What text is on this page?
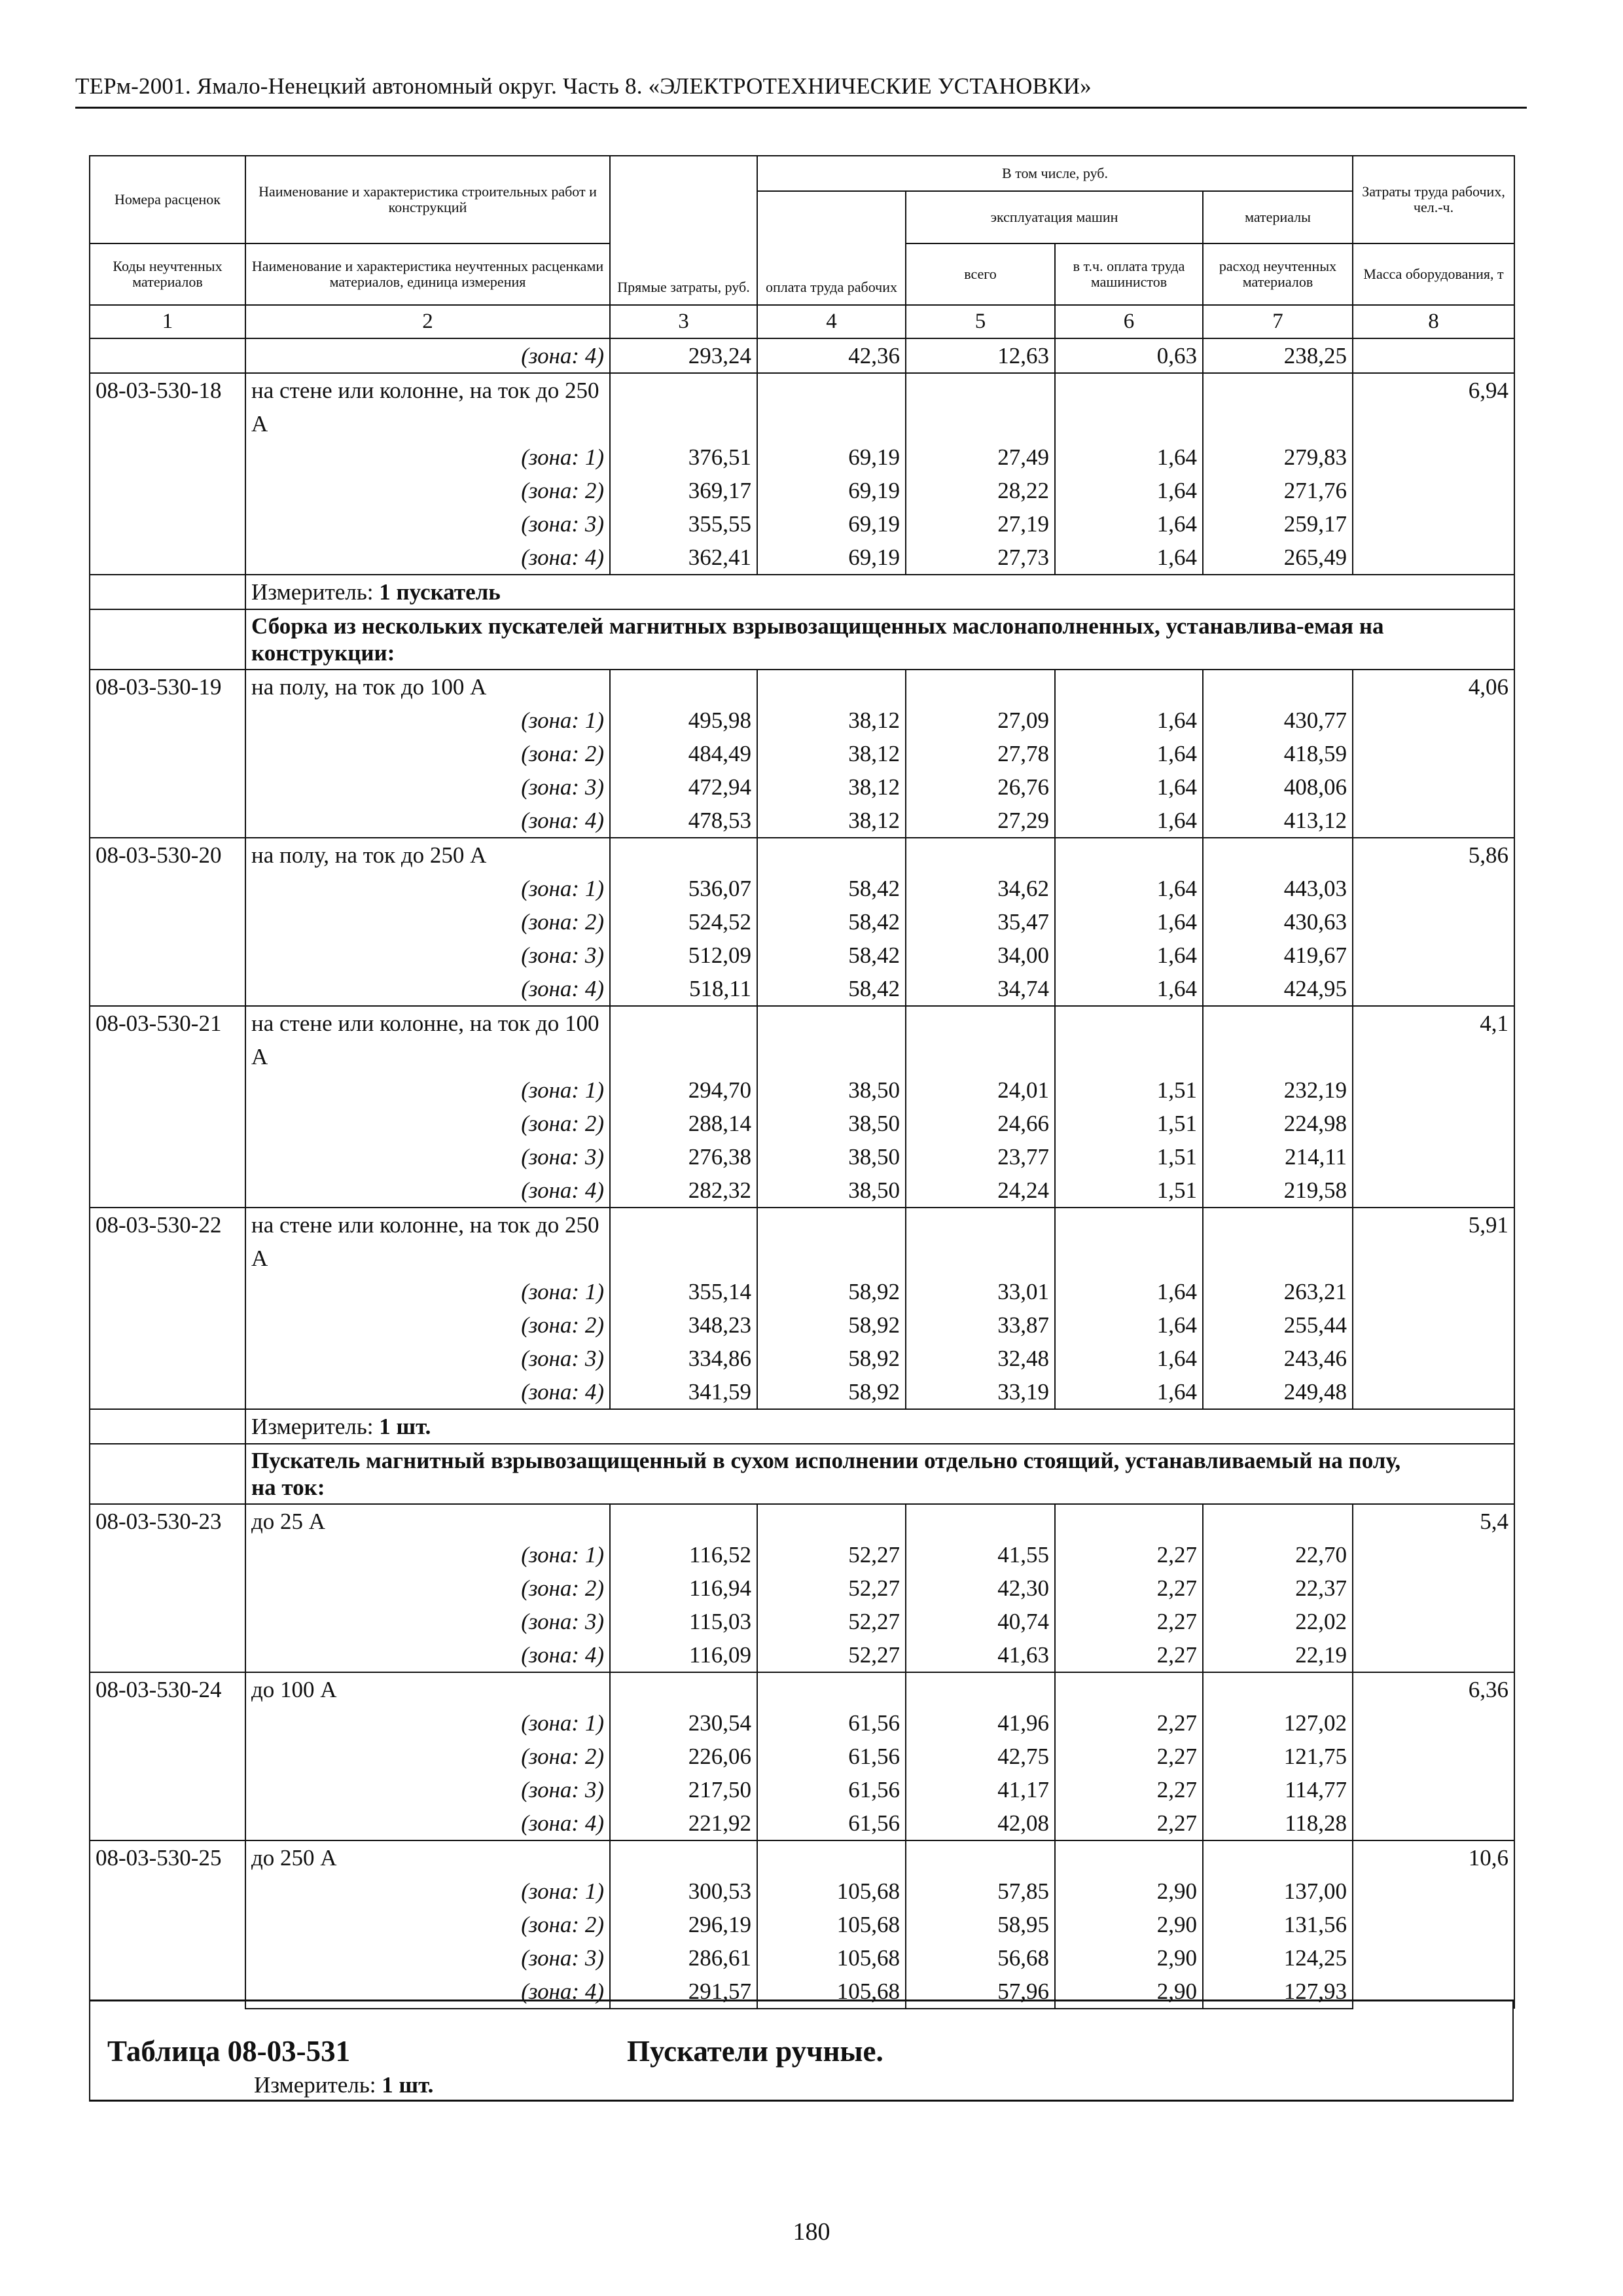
ТЕРм-2001. Ямало-Ненецкий автономный округ. Часть 8. «ЭЛЕКТРОТЕХНИЧЕСКИЕ УСТАНОВКИ»
Номера расценок	Наименование и характеристика строительных работ и конструкций	Прямые затраты, руб.	В том числе, руб.				Затраты труда рабочих, чел.-ч.
			оплата труда рабочих	эксплуатация машин		материалы	
Коды неучтенных материалов	Наименование и характеристика неучтенных расценками материалов, единица измерения			всего	в т.ч. оплата труда машинистов	расход неучтенных материалов	Масса оборудования, т
1	2	3	4	5	6	7	8
	(зона: 4)	293,24	42,36	12,63	0,63	238,25	
08-03-530-18	на стене или колонне, на ток до 250 А						6,94
	(зона: 1)	376,51	69,19	27,49	1,64	279,83	
	(зона: 2)	369,17	69,19	28,22	1,64	271,76	
	(зона: 3)	355,55	69,19	27,19	1,64	259,17	
	(зона: 4)	362,41	69,19	27,73	1,64	265,49	
	Измеритель: 1 пускатель						
	Сборка из нескольких пускателей магнитных взрывозащищенных маслонаполненных, устанавлива-емая на конструкции:						
08-03-530-19	на полу, на ток до 100 А						4,06
	(зона: 1)	495,98	38,12	27,09	1,64	430,77	
	(зона: 2)	484,49	38,12	27,78	1,64	418,59	
	(зона: 3)	472,94	38,12	26,76	1,64	408,06	
	(зона: 4)	478,53	38,12	27,29	1,64	413,12	
08-03-530-20	на полу, на ток до 250 А						5,86
	(зона: 1)	536,07	58,42	34,62	1,64	443,03	
	(зона: 2)	524,52	58,42	35,47	1,64	430,63	
	(зона: 3)	512,09	58,42	34,00	1,64	419,67	
	(зона: 4)	518,11	58,42	34,74	1,64	424,95	
08-03-530-21	на стене или колонне, на ток до 100 А						4,1
	(зона: 1)	294,70	38,50	24,01	1,51	232,19	
	(зона: 2)	288,14	38,50	24,66	1,51	224,98	
	(зона: 3)	276,38	38,50	23,77	1,51	214,11	
	(зона: 4)	282,32	38,50	24,24	1,51	219,58	
08-03-530-22	на стене или колонне, на ток до 250 А						5,91
	(зона: 1)	355,14	58,92	33,01	1,64	263,21	
	(зона: 2)	348,23	58,92	33,87	1,64	255,44	
	(зона: 3)	334,86	58,92	32,48	1,64	243,46	
	(зона: 4)	341,59	58,92	33,19	1,64	249,48	
	Измеритель: 1 шт.						
	Пускатель магнитный взрывозащищенный в сухом исполнении отдельно стоящий, устанавливаемый на полу, на ток:						
08-03-530-23	до 25 А						5,4
	(зона: 1)	116,52	52,27	41,55	2,27	22,70	
	(зона: 2)	116,94	52,27	42,30	2,27	22,37	
	(зона: 3)	115,03	52,27	40,74	2,27	22,02	
	(зона: 4)	116,09	52,27	41,63	2,27	22,19	
08-03-530-24	до 100 А						6,36
	(зона: 1)	230,54	61,56	41,96	2,27	127,02	
	(зона: 2)	226,06	61,56	42,75	2,27	121,75	
	(зона: 3)	217,50	61,56	41,17	2,27	114,77	
	(зона: 4)	221,92	61,56	42,08	2,27	118,28	
08-03-530-25	до 250 А						10,6
	(зона: 1)	300,53	105,68	57,85	2,90	137,00	
	(зона: 2)	296,19	105,68	58,95	2,90	131,56	
	(зона: 3)	286,61	105,68	56,68	2,90	124,25	
	(зона: 4)	291,57	105,68	57,96	2,90	127,93	
Таблица 08-03-531	Пускатели ручные.
Измеритель: 1 шт.
180
